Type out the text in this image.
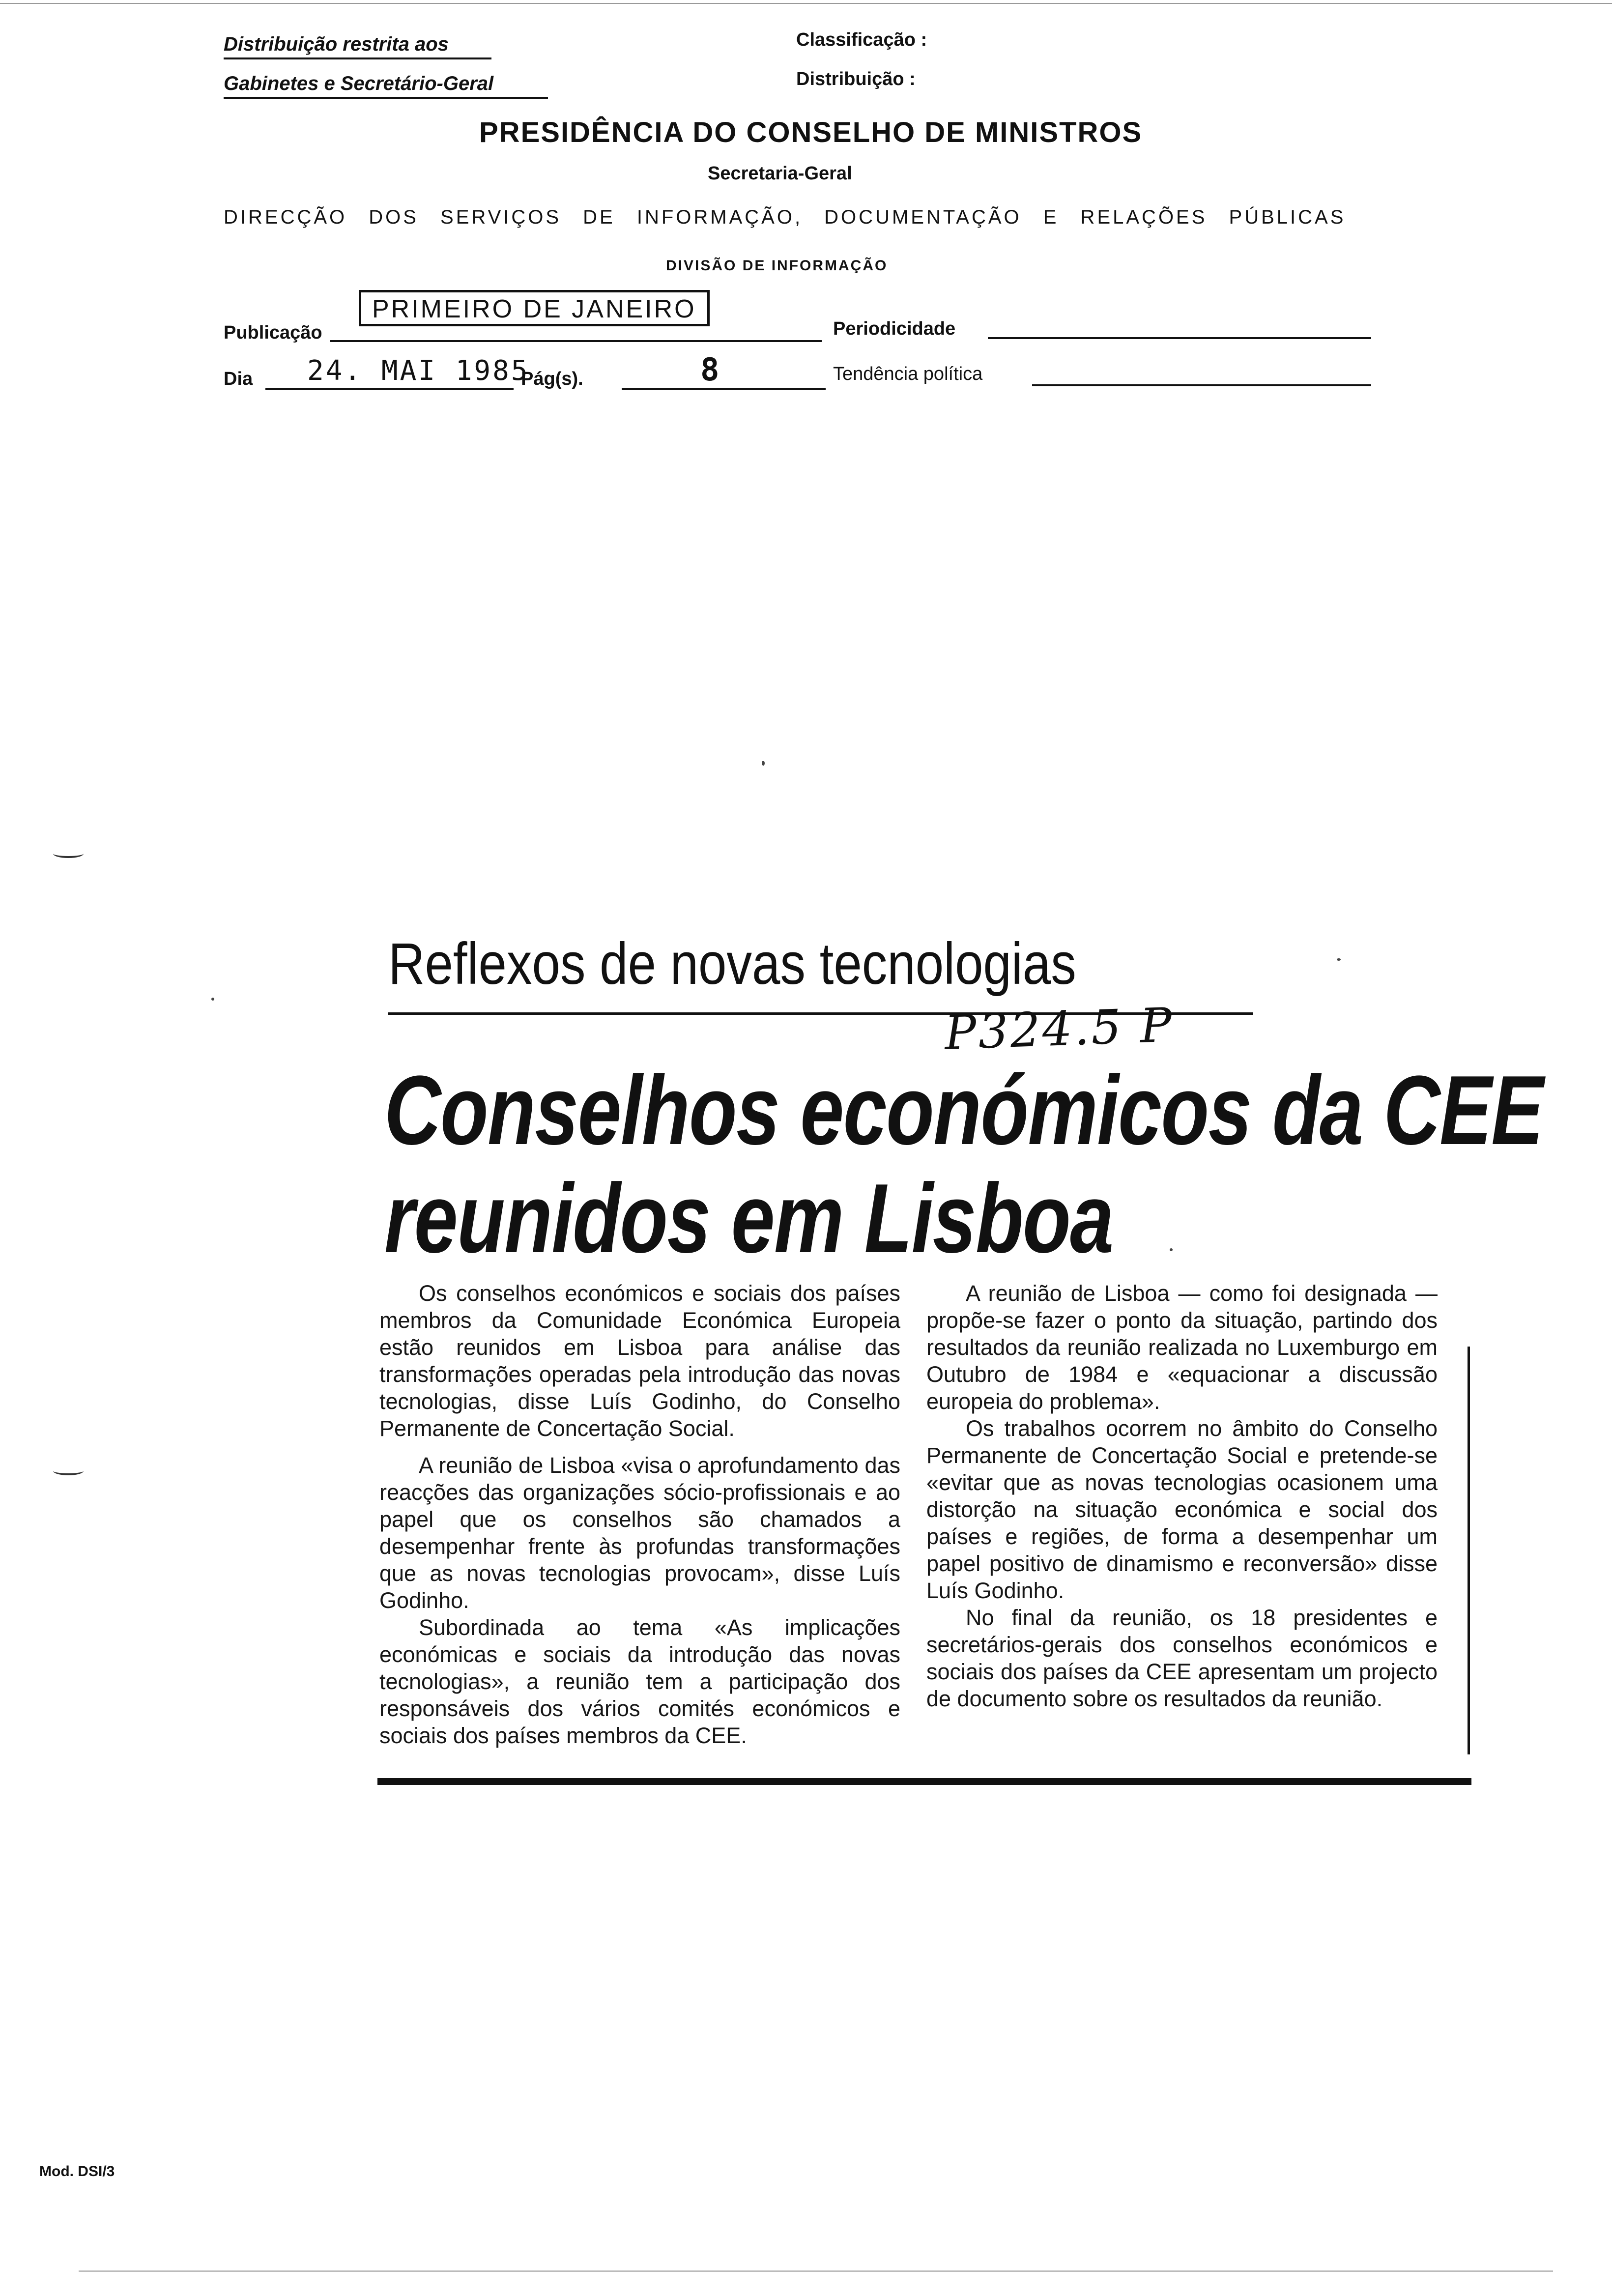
Distribuição restrita aos
Gabinetes e Secretário-Geral
Classificação :
Distribuição :
PRESIDÊNCIA DO CONSELHO DE MINISTROS
Secretaria-Geral
DIRECÇÃO DOS SERVIÇOS DE INFORMAÇÃO, DOCUMENTAÇÃO E RELAÇÕES PÚBLICAS
DIVISÃO DE INFORMAÇÃO
Publicação
PRIMEIRO DE JANEIRO
Periodicidade
Dia 24. MAI 1985
Pág(s).	8	Tendência política
Reflexos de novas tecnologias
P324.5 P
Conselhos económicos da CEE
reunidos em Lisboa

Os conselhos económicos e sociais dos países membros da Comunidade Económica Europeia estão reunidos em Lisboa para análise das transformações operadas pela introdução das novas tecnologias, disse Luís Godinho, do Conselho Permanente de Concertação Social.

A reunião de Lisboa «visa o aprofundamento das reacções das organizações sócio-profissionais e ao papel que os conselhos são chamados a desempenhar frente às profundas transformações que as novas tecnologias provocam», disse Luís Godinho.

Subordinada ao tema «As implicações económicas e sociais da introdução das novas tecnologias», a reunião tem a participação dos responsáveis dos vários comités económicos e sociais dos países membros da CEE.

A reunião de Lisboa — como foi designada — propõe-se fazer o ponto da situação, partindo dos resultados da reunião realizada no Luxemburgo em Outubro de 1984 e «equacionar a discussão europeia do problema».

Os trabalhos ocorrem no âmbito do Conselho Permanente de Concertação Social e pretende-se «evitar que as novas tecnologias ocasionem uma distorção na situação económica e social dos países e regiões, de forma a desempenhar um papel positivo de dinamismo e reconversão» disse Luís Godinho.

No final da reunião, os 18 presidentes e secretários-gerais dos conselhos económicos e sociais dos países da CEE apresentam um projecto de documento sobre os resultados da reunião.

Mod. DSI/3
